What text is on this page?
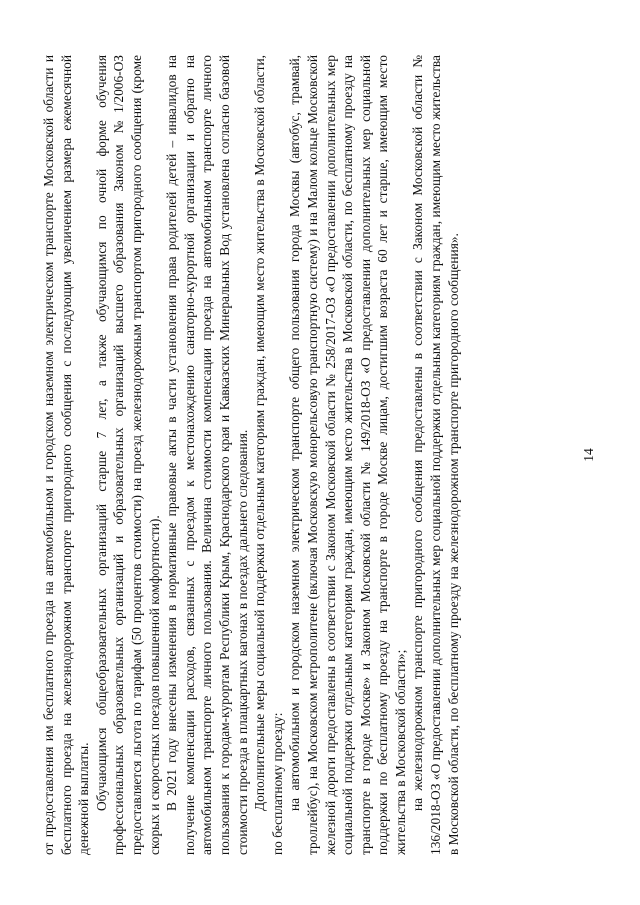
от предоставления им бесплатного проезда на автомобильном и городском наземном электрическом транспорте Московской области и бесплатного проезда на железнодорожном транспорте пригородного сообщения с последующим увеличением размера ежемесячной денежной выплаты. Обучающимся общеобразовательных организаций старше 7 лет, а также обучающимся по очной форме обучения профессиональных образовательных организаций и образовательных организаций высшего образования Законом №1/2006-ОЗ предоставляется льгота по тарифам (50 процентов стоимости) на проезд железнодорожным транспортом пригородного сообщения (кроме скорых и скоростных поездов повышенной комфортности). В 2021 году внесены изменения в нормативные правовые акты в части установления права родителей детей – инвалидов на получение компенсации расходов, связанных с проездом к местонахождению санаторно-курортной организации и обратно на автомобильном транспорте личного пользования. Величина стоимости компенсации проезда на автомобильном транспорте личного пользования к городам-курортам Республики Крым, Краснодарского края и Кавказских Минеральных Вод установлена согласно базовой стоимости проезда в плацкартных вагонах в поездах дальнего следования. Дополнительные меры социальной поддержки отдельным категориям граждан, имеющим место жительства в Московской области, по бесплатному проезду: на автомобильном и городском наземном электрическом транспорте общего пользования города Москвы (автобус, трамвай, троллейбус), на Московском метрополитене (включая Московскую монорельсовую транспортную систему) и на Малом кольце Московской железной дороги предоставлены в соответствии с Законом Московской области № 258/2017-ОЗ «О предоставлении дополнительных мер социальной поддержки отдельным категориям граждан, имеющим место жительства в Московской области, по бесплатному проезду на транспорте в городе Москве» и Законом Московской области № 149/2018-ОЗ «О предоставлении дополнительных мер социальной поддержки по бесплатному проезду на транспорте в городе Москве лицам, достигшим возраста 60 лет и старше, имеющим место жительства в Московской области»; на железнодорожном транспорте пригородного сообщения предоставлены в соответствии с Законом Московской области № 136/2018-ОЗ «О предоставлении дополнительных мер социальной поддержки отдельным категориям граждан, имеющим место жительства в Московской области, по бесплатному проезду на железнодорожном транспорте пригородного сообщения».	14
